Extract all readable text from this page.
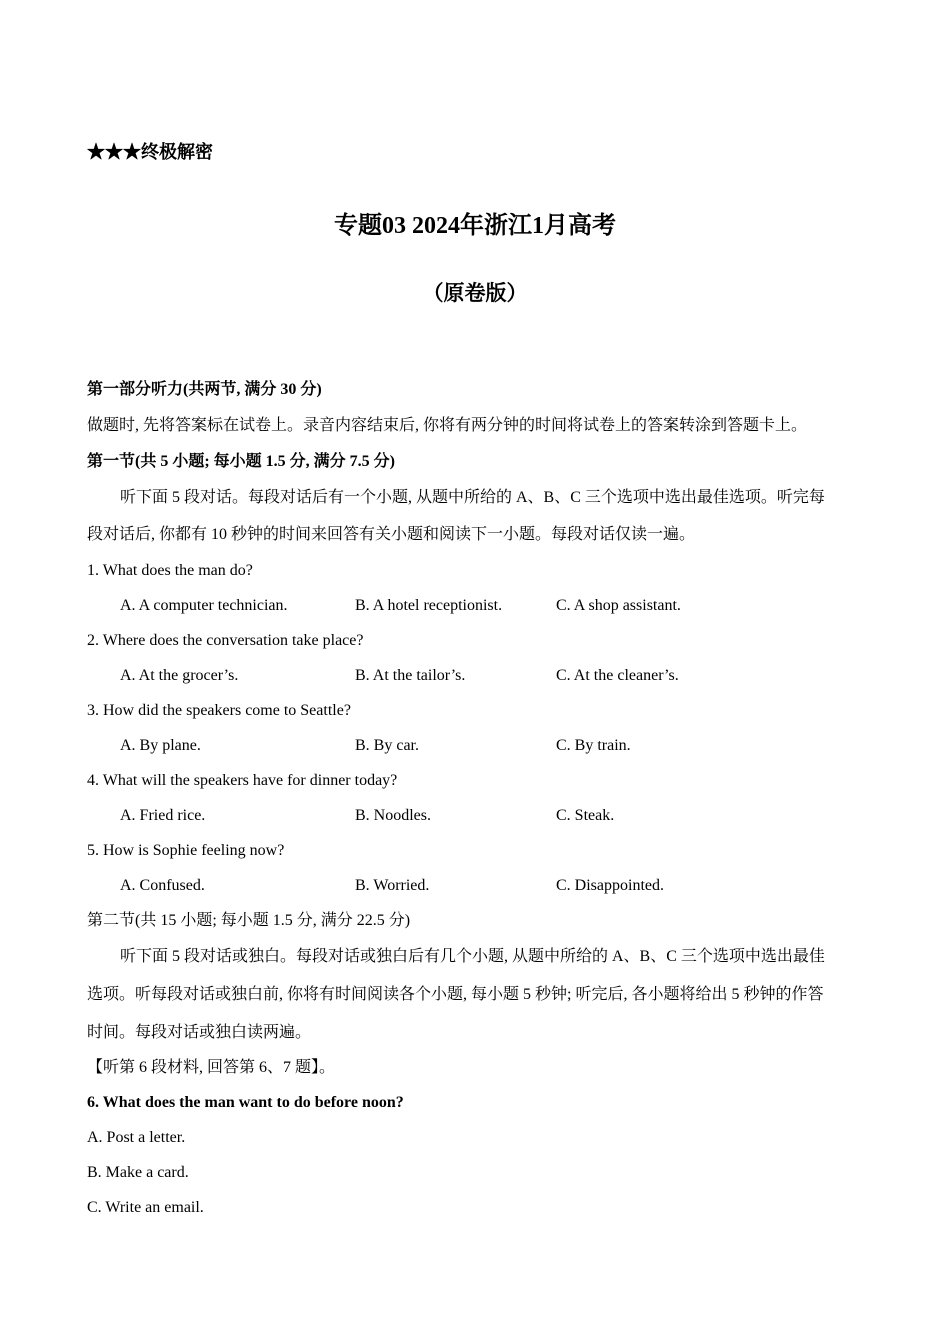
★★★终极解密
专题03 2024年浙江1月高考
（原卷版）
第一部分听力(共两节, 满分 30 分)
做题时, 先将答案标在试卷上。录音内容结束后, 你将有两分钟的时间将试卷上的答案转涂到答题卡上。
第一节(共 5 小题; 每小题 1.5 分, 满分 7.5 分)
听下面 5 段对话。每段对话后有一个小题, 从题中所给的 A、B、C 三个选项中选出最佳选项。听完每
段对话后, 你都有 10 秒钟的时间来回答有关小题和阅读下一小题。每段对话仅读一遍。
1. What does the man do?
A. A computer technician.	B. A hotel receptionist.	C. A shop assistant.
2. Where does the conversation take place?
A. At the grocer’s.	B. At the tailor’s.	C. At the cleaner’s.
3. How did the speakers come to Seattle?
A. By plane.	B. By car.	C. By train.
4. What will the speakers have for dinner today?
A. Fried rice.	B. Noodles.	C. Steak.
5. How is Sophie feeling now?
A. Confused.	B. Worried.	C. Disappointed.
第二节(共 15 小题; 每小题 1.5 分, 满分 22.5 分)
听下面 5 段对话或独白。每段对话或独白后有几个小题, 从题中所给的 A、B、C 三个选项中选出最佳
选项。听每段对话或独白前, 你将有时间阅读各个小题, 每小题 5 秒钟; 听完后, 各小题将给出 5 秒钟的作答
时间。每段对话或独白读两遍。
【听第 6 段材料, 回答第 6、7 题】。
6. What does the man want to do before noon?
A. Post a letter.
B. Make a card.
C. Write an email.
